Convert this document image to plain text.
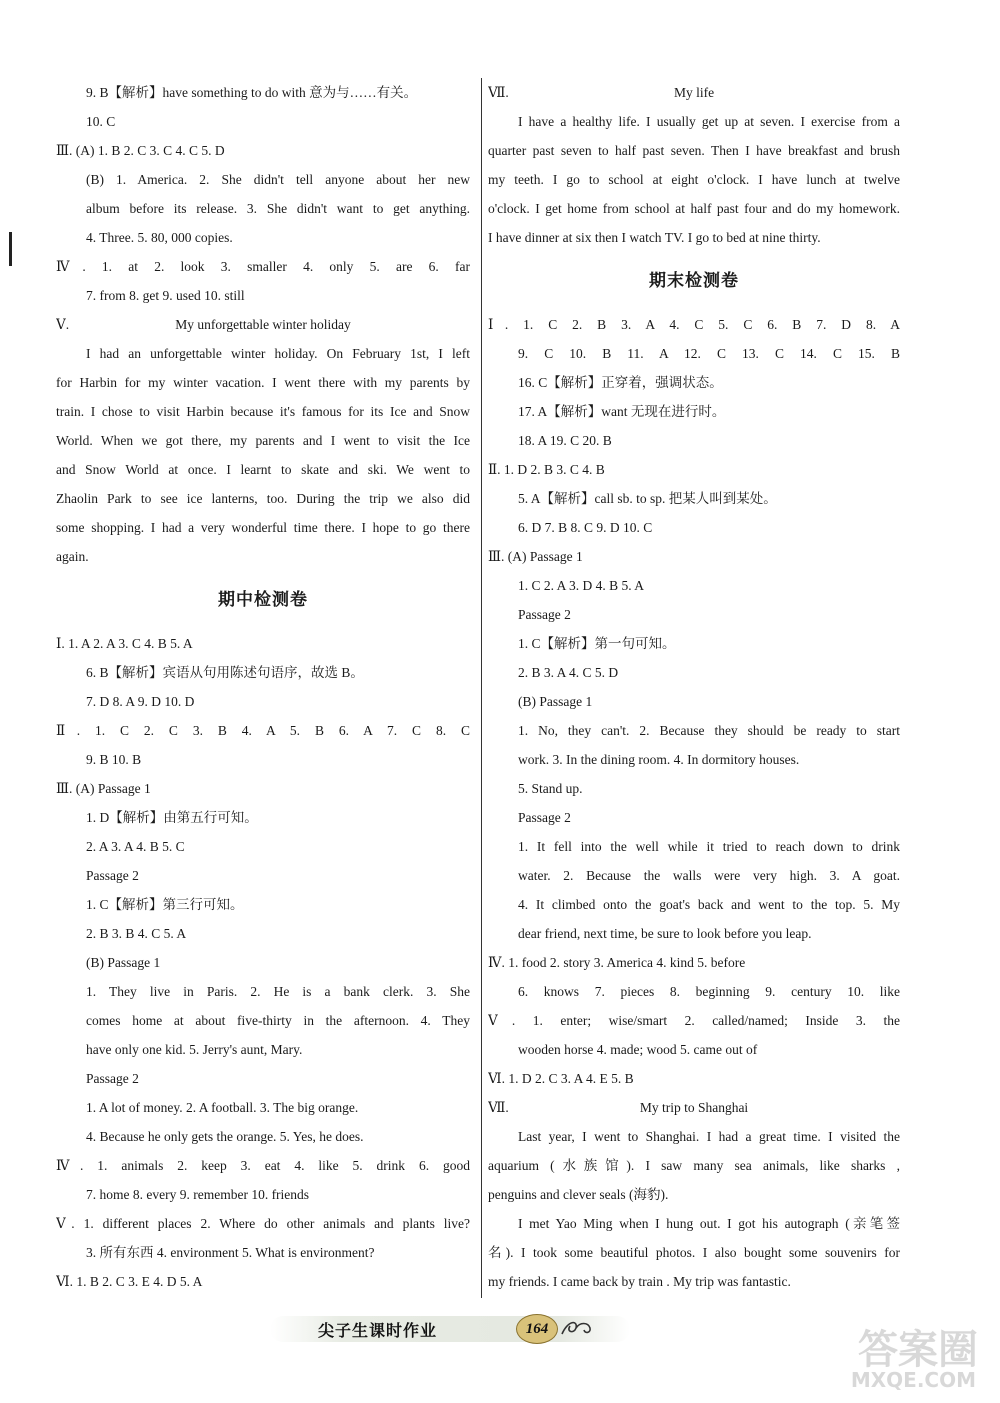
9. B【解析】have something to do with 意为与……有关。
10. C
Ⅲ. (A) 1. B 2. C 3. C 4. C 5. D
(B) 1. America. 2. She didn't tell anyone about her new
album before its release. 3. She didn't want to get anything.
4. Three. 5. 80, 000 copies.
Ⅳ. 1. at 2. look 3. smaller 4. only 5. are 6. far
7. from 8. get 9. used 10. still
Ⅴ.	My unforgettable winter holiday
I had an unforgettable winter holiday. On February 1st, I left
for Harbin for my winter vacation. I went there with my parents by
train. I chose to visit Harbin because it's famous for its Ice and Snow
World. When we got there, my parents and I went to visit the Ice
and Snow World at once. I learnt to skate and ski. We went to
Zhaolin Park to see ice lanterns, too. During the trip we also did
some shopping. I had a very wonderful time there. I hope to go there
again.
期中检测卷
Ⅰ. 1. A 2. A 3. C 4. B 5. A
6. B【解析】宾语从句用陈述句语序，故选 B。
7. D 8. A 9. D 10. D
Ⅱ. 1. C 2. C 3. B 4. A 5. B 6. A 7. C 8. C
9. B 10. B
Ⅲ. (A) Passage 1
1. D【解析】由第五行可知。
2. A 3. A 4. B 5. C
Passage 2
1. C【解析】第三行可知。
2. B 3. B 4. C 5. A
(B) Passage 1
1. They live in Paris. 2. He is a bank clerk. 3. She
comes home at about five-thirty in the afternoon. 4. They
have only one kid. 5. Jerry's aunt, Mary.
Passage 2
1. A lot of money. 2. A football. 3. The big orange.
4. Because he only gets the orange. 5. Yes, he does.
Ⅳ. 1. animals 2. keep 3. eat 4. like 5. drink 6. good
7. home 8. every 9. remember 10. friends
Ⅴ. 1. different places 2. Where do other animals and plants live?
3. 所有东西 4. environment 5. What is environment?
Ⅵ. 1. B 2. C 3. E 4. D 5. A
Ⅶ.	My life
I have a healthy life. I usually get up at seven. I exercise from a
quarter past seven to half past seven. Then I have breakfast and brush
my teeth. I go to school at eight o'clock. I have lunch at twelve
o'clock. I get home from school at half past four and do my homework.
I have dinner at six then I watch TV. I go to bed at nine thirty.
期末检测卷
Ⅰ. 1. C 2. B 3. A 4. C 5. C 6. B 7. D 8. A
9. C 10. B 11. A 12. C 13. C 14. C 15. B
16. C【解析】正穿着，强调状态。
17. A【解析】want 无现在进行时。
18. A 19. C 20. B
Ⅱ. 1. D 2. B 3. C 4. B
5. A【解析】call sb. to sp. 把某人叫到某处。
6. D 7. B 8. C 9. D 10. C
Ⅲ. (A) Passage 1
1. C 2. A 3. D 4. B 5. A
Passage 2
1. C【解析】第一句可知。
2. B 3. A 4. C 5. D
(B) Passage 1
1. No, they can't. 2. Because they should be ready to start
work. 3. In the dining room. 4. In dormitory houses.
5. Stand up.
Passage 2
1. It fell into the well while it tried to reach down to drink
water. 2. Because the walls were very high. 3. A goat.
4. It climbed onto the goat's back and went to the top. 5. My
dear friend, next time, be sure to look before you leap.
Ⅳ. 1. food 2. story 3. America 4. kind 5. before
6. knows 7. pieces 8. beginning 9. century 10. like
Ⅴ. 1. enter; wise/smart 2. called/named; Inside 3. the
wooden horse 4. made; wood 5. came out of
Ⅵ. 1. D 2. C 3. A 4. E 5. B
Ⅶ.	My trip to Shanghai
Last year, I went to Shanghai. I had a great time. I visited the
aquarium (水族馆). I saw many sea animals, like sharks ,
penguins and clever seals (海豹).
I met Yao Ming when I hung out. I got his autograph (亲笔签
名). I took some beautiful photos. I also bought some souvenirs for
my friends. I came back by train . My trip was fantastic.
尖子生课时作业	164	答案圈
MXQE.COM
